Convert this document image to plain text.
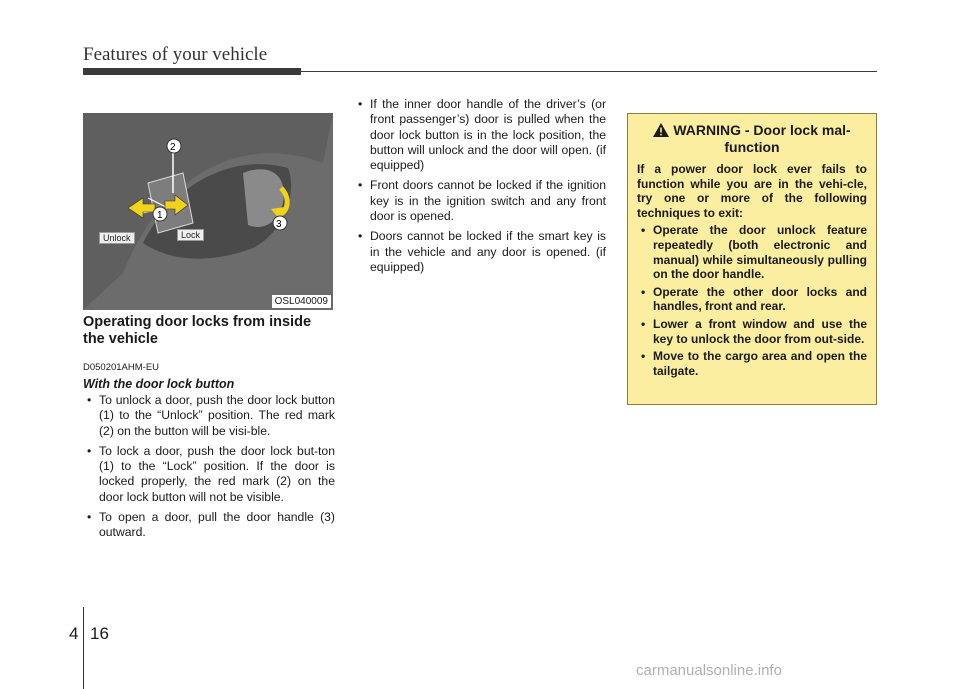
Features of your vehicle
2
1
3
Unlock	Lock
OSL040009
Operating door locks from inside the vehicle
D050201AHM-EU
With the door lock button
• To unlock a door, push the door lock button (1) to the “Unlock” position. The red mark (2) on the button will be visi-ble.
• To lock a door, push the door lock but-ton (1) to the “Lock” position. If the door is locked properly, the red mark (2) on the door lock button will not be visible.
• To open a door, pull the door handle (3) outward.
• If the inner door handle of the driver’s (or front passenger’s) door is pulled when the door lock button is in the lock position, the button will unlock and the door will open. (if equipped)
• Front doors cannot be locked if the ignition key is in the ignition switch and any front door is opened.
• Doors cannot be locked if the smart key is in the vehicle and any door is opened. (if equipped)
WARNING - Door lock mal-function
If a power door lock ever fails to function while you are in the vehi-cle, try one or more of the following techniques to exit:
• Operate the door unlock feature repeatedly (both electronic and manual) while simultaneously pulling on the door handle.
• Operate the other door locks and handles, front and rear.
• Lower a front window and use the key to unlock the door from out-side.
• Move to the cargo area and open the tailgate.
4 16
carmanualsonline.info
